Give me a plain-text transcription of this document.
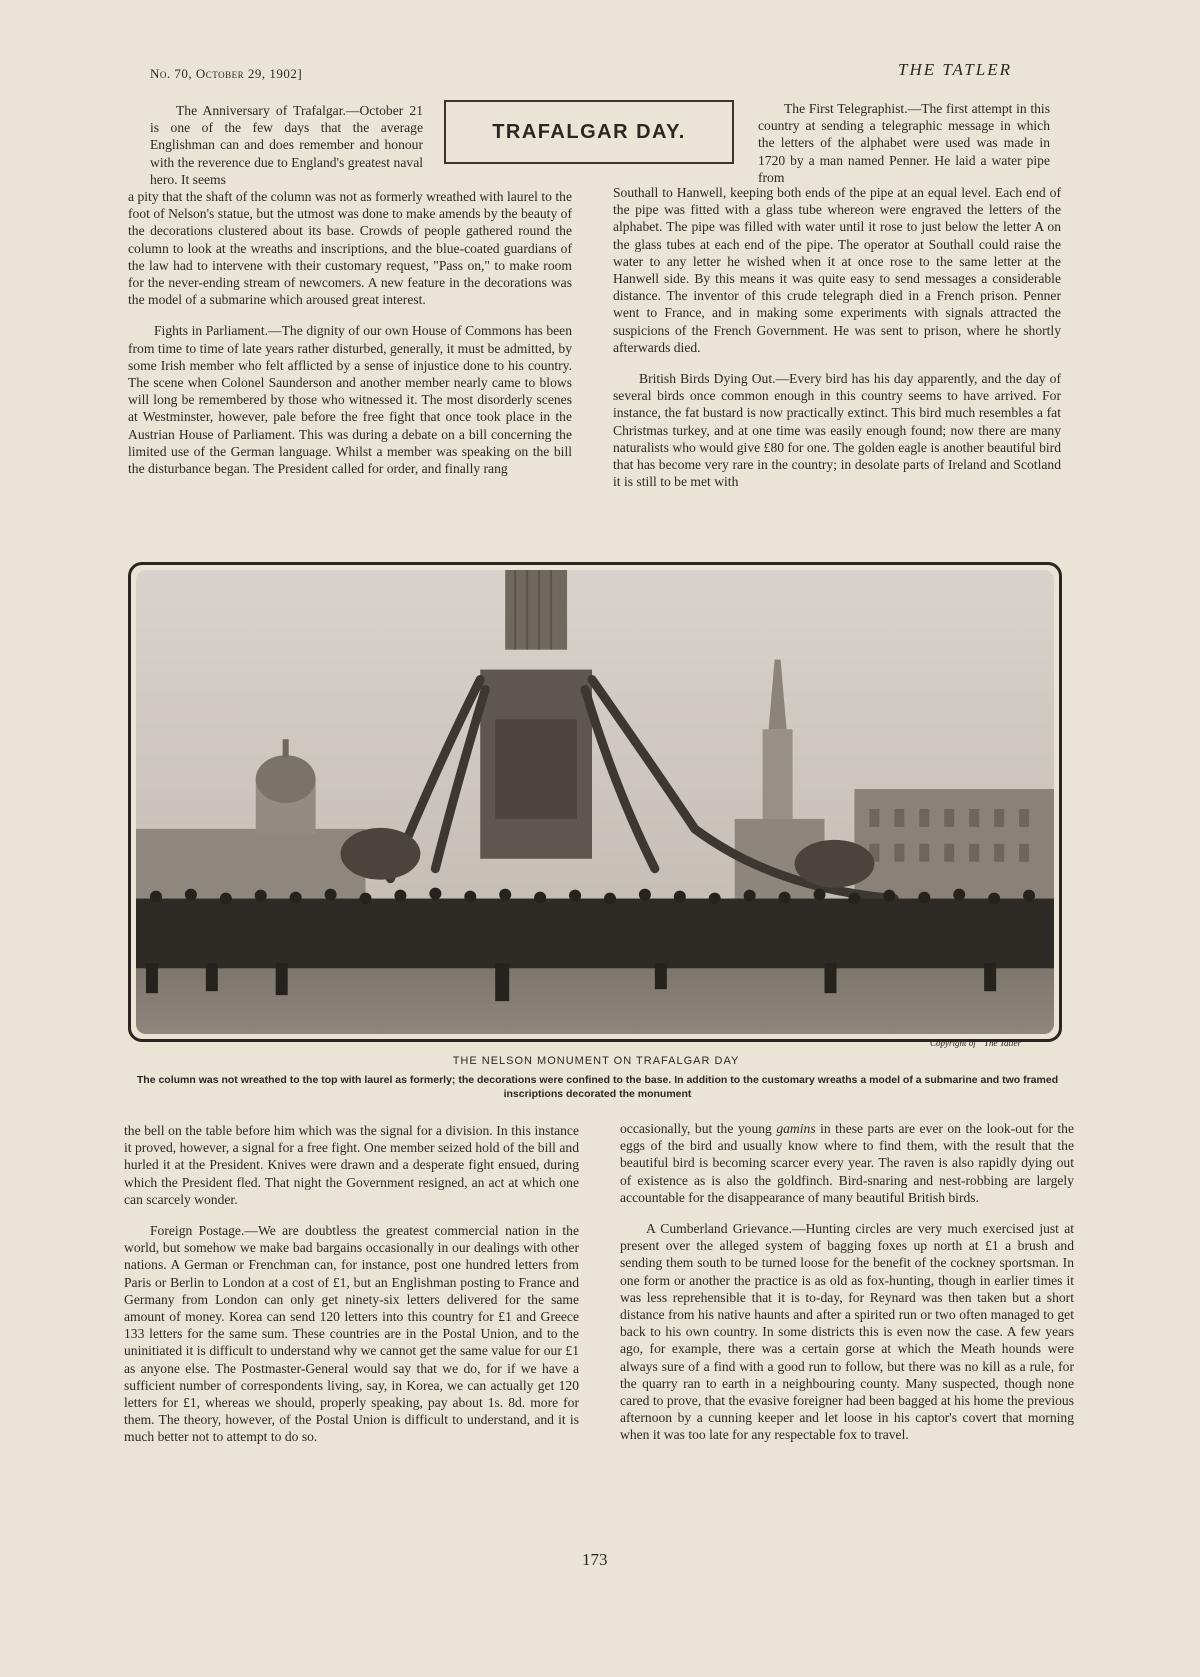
No. 70, October 29, 1902]	THE TATLER

The Anniversary of Trafalgar.—October 21 is one of the few days that the average Englishman can and does remember and honour with the reverence due to England's greatest naval hero. It seems

TRAFALGAR DAY.

a pity that the shaft of the column was not as formerly wreathed with laurel to the foot of Nelson's statue, but the utmost was done to make amends by the beauty of the decorations clustered about its base. Crowds of people gathered round the column to look at the wreaths and inscriptions, and the blue-coated guardians of the law had to intervene with their customary request, "Pass on," to make room for the never-ending stream of newcomers. A new feature in the decorations was the model of a submarine which aroused great interest.

Fights in Parliament.—The dignity of our own House of Commons has been from time to time of late years rather disturbed, generally, it must be admitted, by some Irish member who felt afflicted by a sense of injustice done to his country. The scene when Colonel Saunderson and another member nearly came to blows will long be remembered by those who witnessed it. The most disorderly scenes at Westminster, however, pale before the free fight that once took place in the Austrian House of Parliament. This was during a debate on a bill concerning the limited use of the German language. Whilst a member was speaking on the bill the disturbance began. The President called for order, and finally rang

The First Telegraphist.—The first attempt in this country at sending a telegraphic message in which the letters of the alphabet were used was made in 1720 by a man named Penner. He laid a water pipe from

Southall to Hanwell, keeping both ends of the pipe at an equal level. Each end of the pipe was fitted with a glass tube whereon were engraved the letters of the alphabet. The pipe was filled with water until it rose to just below the letter A on the glass tubes at each end of the pipe. The operator at Southall could raise the water to any letter he wished when it at once rose to the same letter at the Hanwell side. By this means it was quite easy to send messages a considerable distance. The inventor of this crude telegraph died in a French prison. Penner went to France, and in making some experiments with signals attracted the suspicions of the French Government. He was sent to prison, where he shortly afterwards died.

British Birds Dying Out.—Every bird has his day apparently, and the day of several birds once common enough in this country seems to have arrived. For instance, the fat bustard is now practically extinct. This bird much resembles a fat Christmas turkey, and at one time was easily enough found; now there are many naturalists who would give £80 for one. The golden eagle is another beautiful bird that has become very rare in the country; in desolate parts of Ireland and Scotland it is still to be met with

Copyright of " The Tatler "
THE NELSON MONUMENT ON TRAFALGAR DAY
The column was not wreathed to the top with laurel as formerly; the decorations were confined to the base. In addition to the customary wreaths a model of a submarine and two framed inscriptions decorated the monument

the bell on the table before him which was the signal for a division. In this instance it proved, however, a signal for a free fight. One member seized hold of the bill and hurled it at the President. Knives were drawn and a desperate fight ensued, during which the President fled. That night the Government resigned, an act at which one can scarcely wonder.

Foreign Postage.—We are doubtless the greatest commercial nation in the world, but somehow we make bad bargains occasionally in our dealings with other nations. A German or Frenchman can, for instance, post one hundred letters from Paris or Berlin to London at a cost of £1, but an Englishman posting to France and Germany from London can only get ninety-six letters delivered for the same amount of money. Korea can send 120 letters into this country for £1 and Greece 133 letters for the same sum. These countries are in the Postal Union, and to the uninitiated it is difficult to understand why we cannot get the same value for our £1 as anyone else. The Postmaster-General would say that we do, for if we have a sufficient number of correspondents living, say, in Korea, we can actually get 120 letters for £1, whereas we should, properly speaking, pay about 1s. 8d. more for them. The theory, however, of the Postal Union is difficult to understand, and it is much better not to attempt to do so.

occasionally, but the young gamins in these parts are ever on the look-out for the eggs of the bird and usually know where to find them, with the result that the beautiful bird is becoming scarcer every year. The raven is also rapidly dying out of existence as is also the goldfinch. Bird-snaring and nest-robbing are largely accountable for the disappearance of many beautiful British birds.

A Cumberland Grievance.—Hunting circles are very much exercised just at present over the alleged system of bagging foxes up north at £1 a brush and sending them south to be turned loose for the benefit of the cockney sportsman. In one form or another the practice is as old as fox-hunting, though in earlier times it was less reprehensible that it is to-day, for Reynard was then taken but a short distance from his native haunts and after a spirited run or two often managed to get back to his own country. In some districts this is even now the case. A few years ago, for example, there was a certain gorse at which the Meath hounds were always sure of a find with a good run to follow, but there was no kill as a rule, for the quarry ran to earth in a neighbouring county. Many suspected, though none cared to prove, that the evasive foreigner had been bagged at his home the previous afternoon by a cunning keeper and let loose in his captor's covert that morning when it was too late for any respectable fox to travel.

173
